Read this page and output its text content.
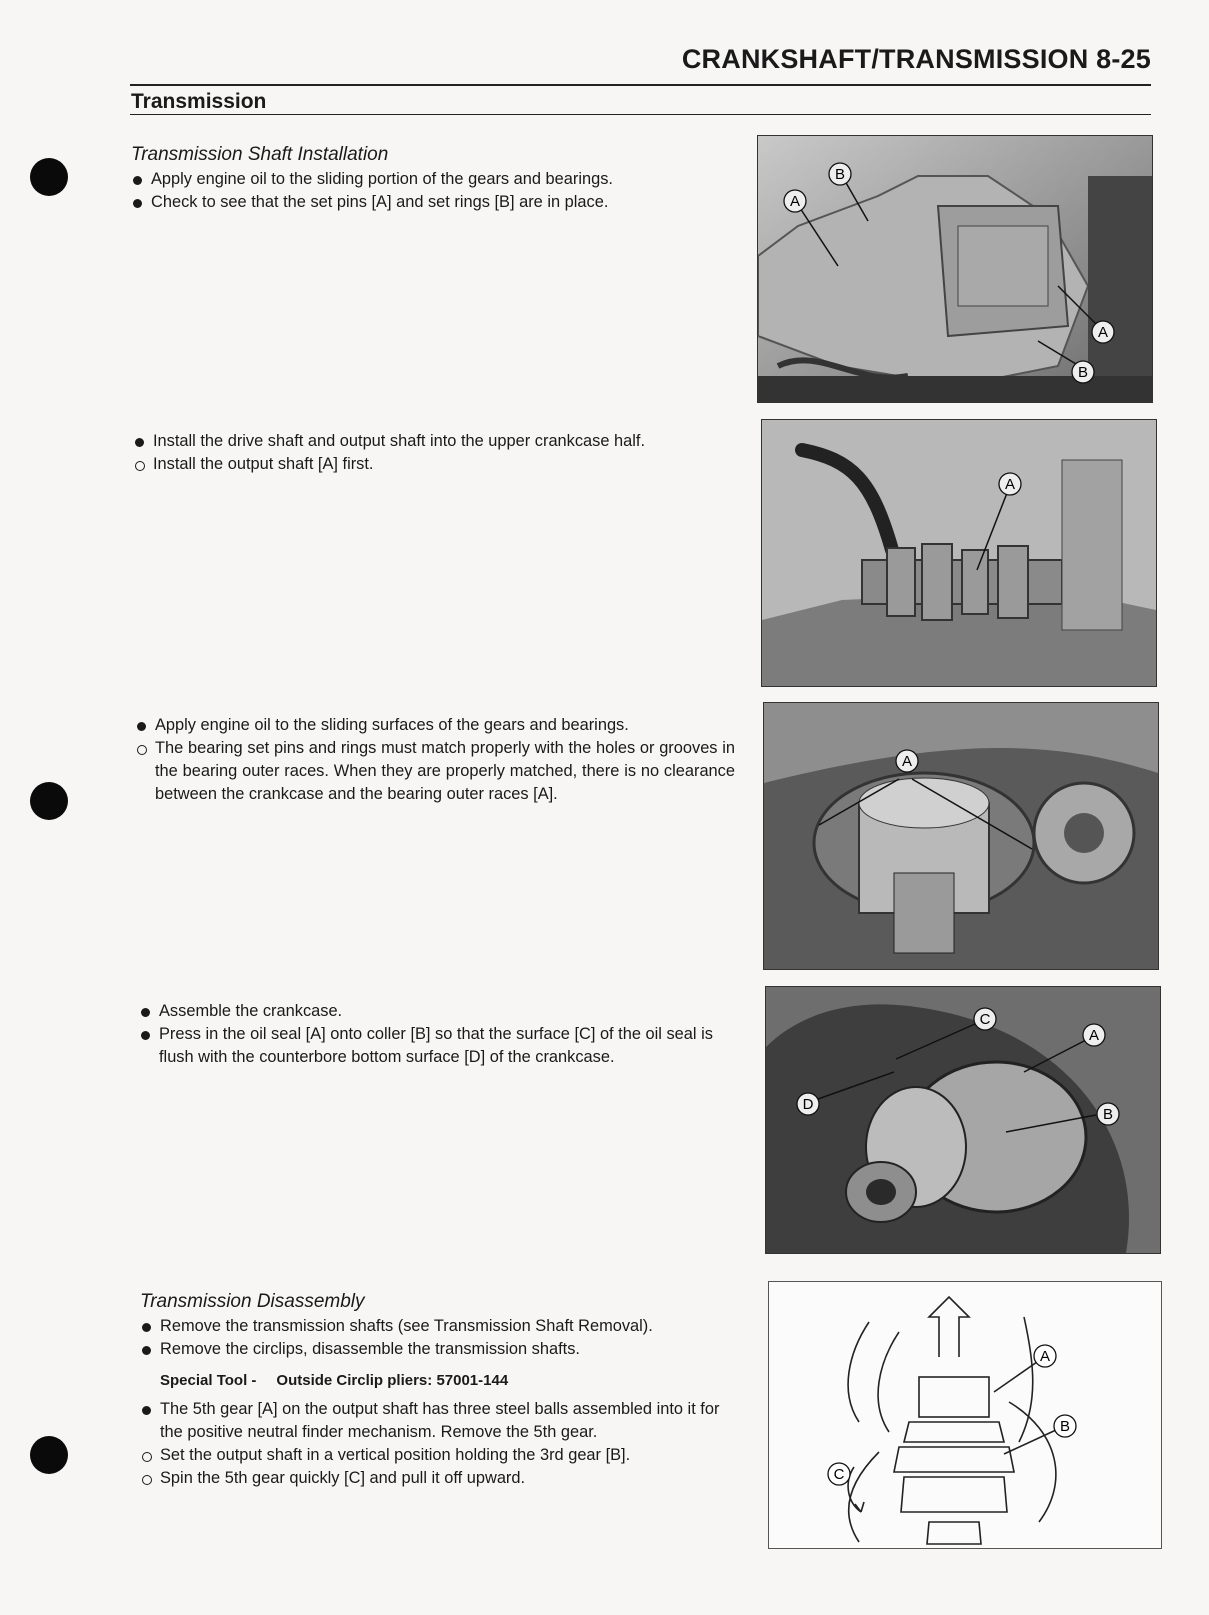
CRANKSHAFT/TRANSMISSION 8-25
Transmission
Transmission Shaft Installation
Apply engine oil to the sliding portion of the gears and bearings.
Check to see that the set pins [A] and set rings [B] are in place.
Install the drive shaft and output shaft into the upper crankcase half.
Install the output shaft [A] first.
Apply engine oil to the sliding surfaces of the gears and bearings.
The bearing set pins and rings must match properly with the holes or grooves in the bearing outer races. When they are properly matched, there is no clearance between the crankcase and the bearing outer races [A].
Assemble the crankcase.
Press in the oil seal [A] onto coller [B] so that the surface [C] of the oil seal is flush with the counterbore bottom surface [D] of the crankcase.
Transmission Disassembly
Remove the transmission shafts (see Transmission Shaft Removal).
Remove the circlips, disassemble the transmission shafts.
Special Tool - Outside Circlip pliers: 57001-144
The 5th gear [A] on the output shaft has three steel balls assembled into it for the positive neutral finder mechanism. Remove the 5th gear.
Set the output shaft in a vertical position holding the 3rd gear [B].
Spin the 5th gear quickly [C] and pull it off upward.
A
B
A
B
A
A
C
A
D
B
A
B
C
